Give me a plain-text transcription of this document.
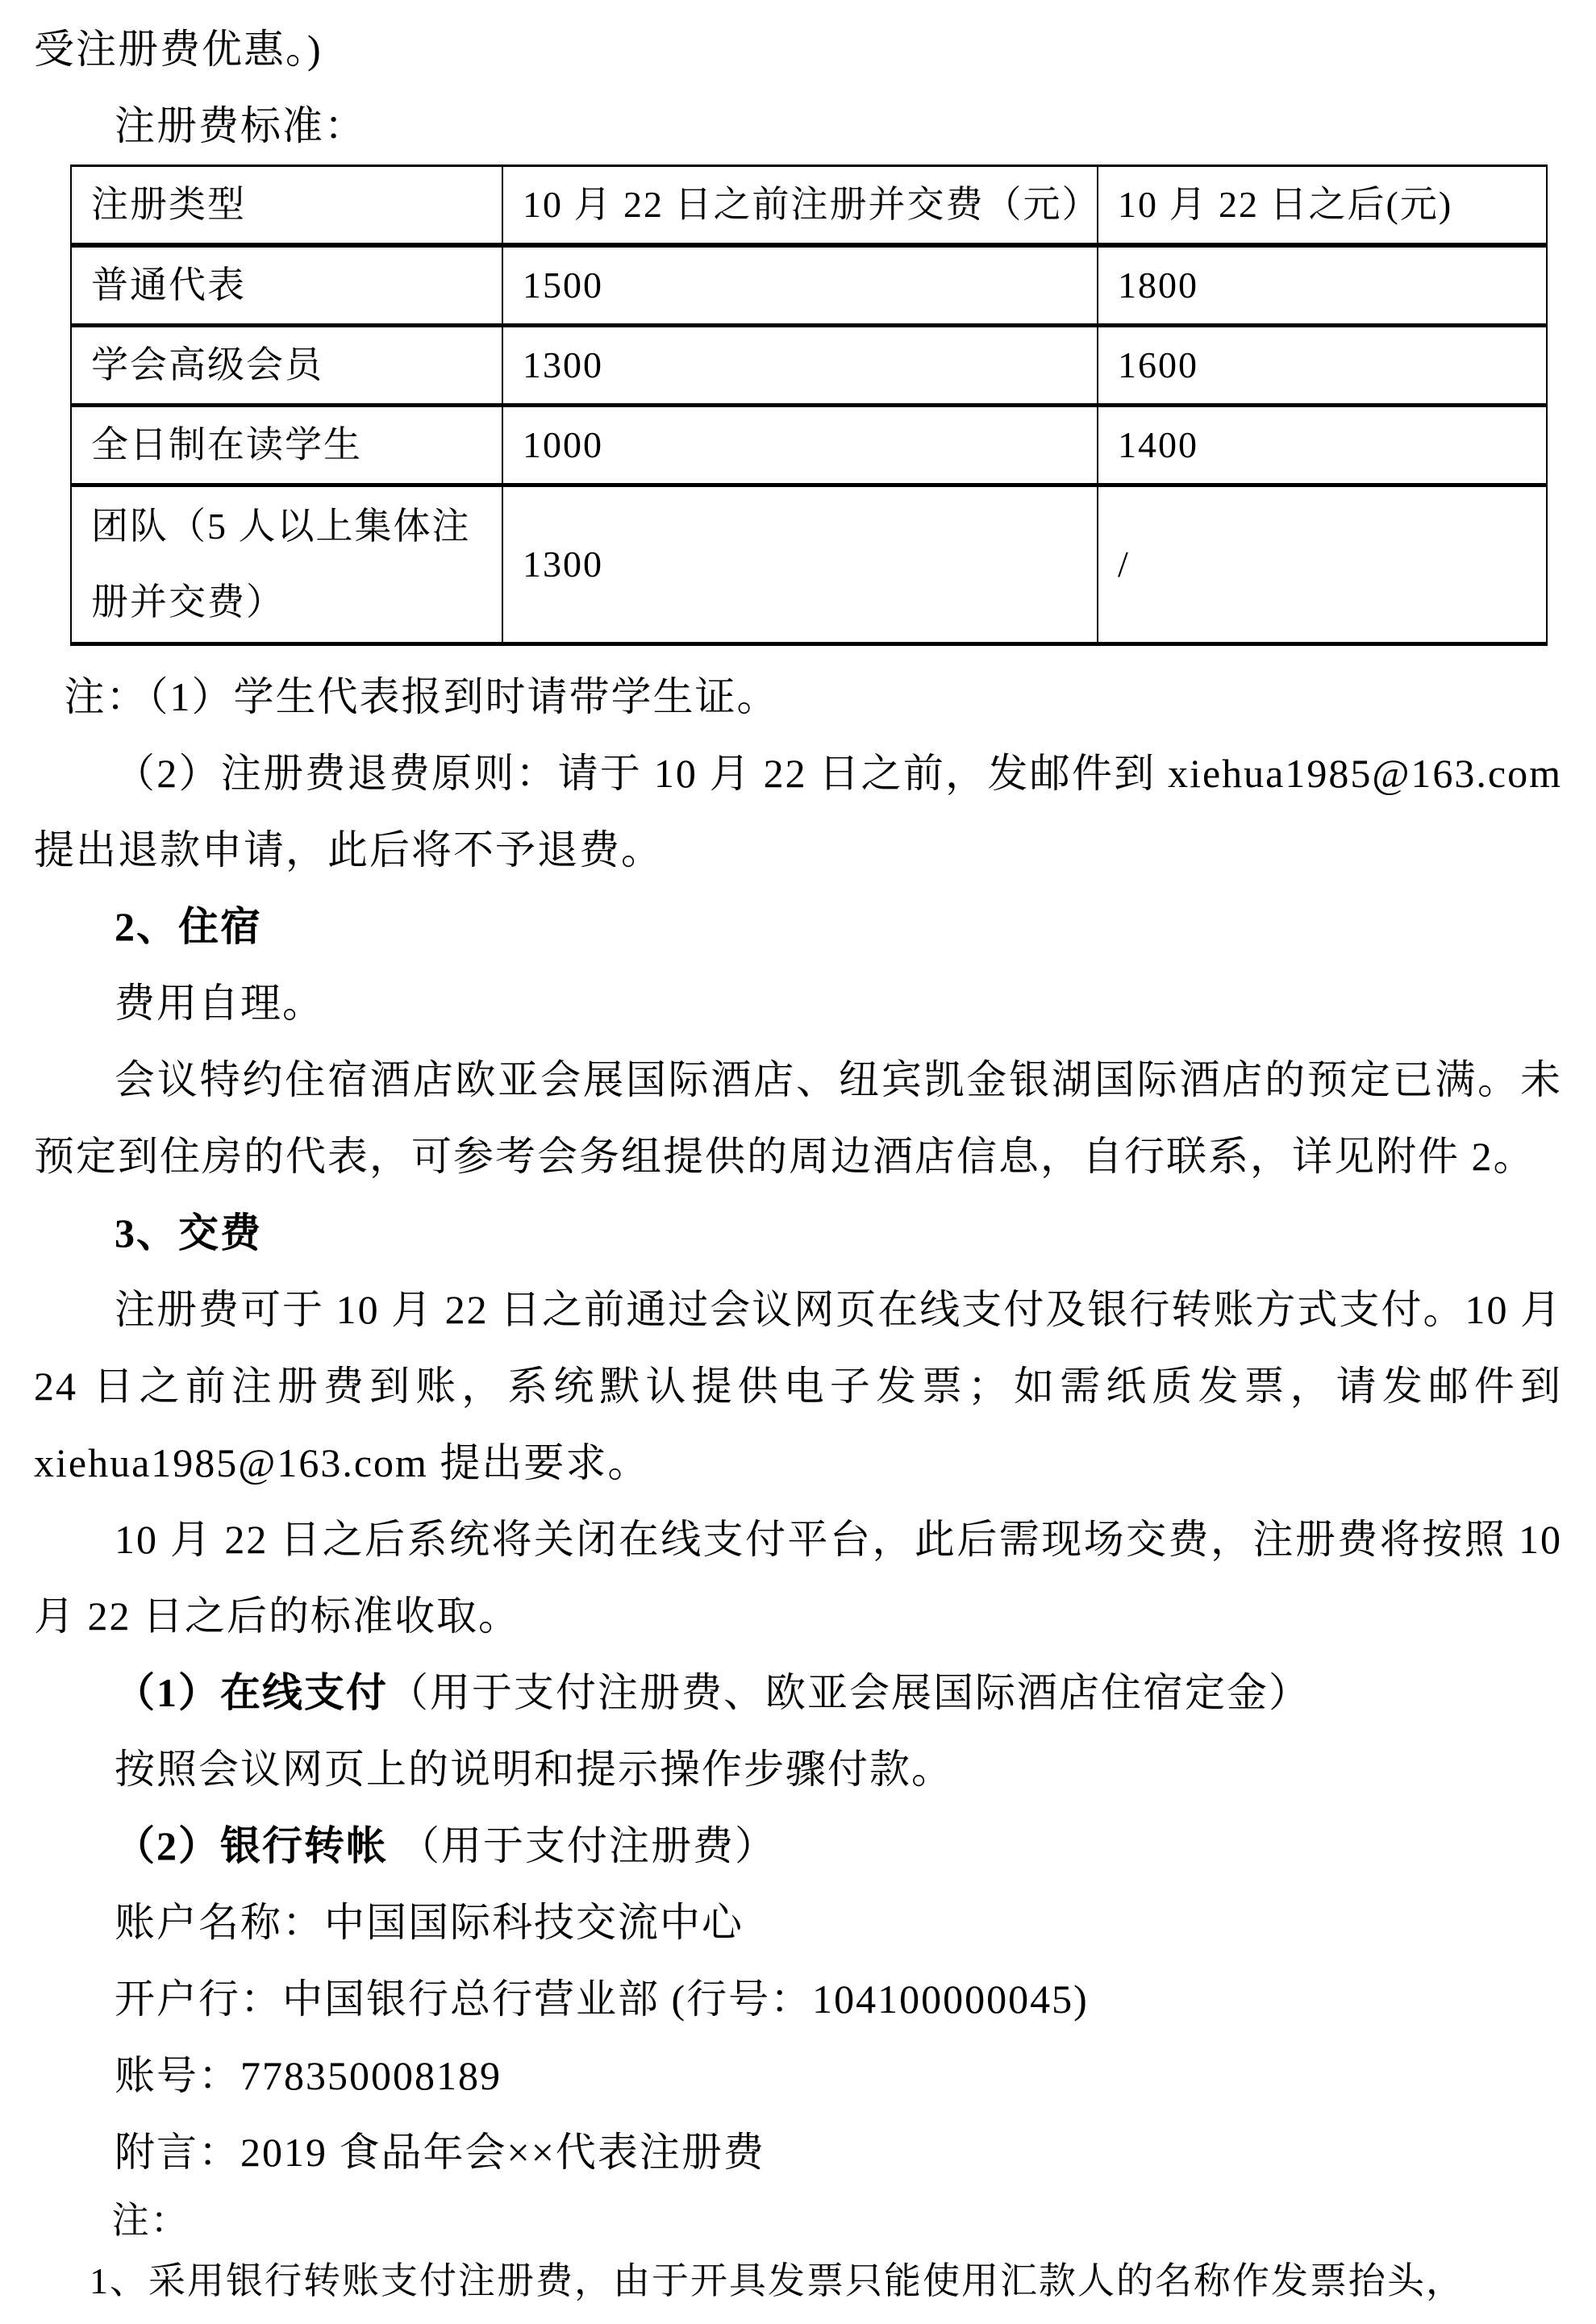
受注册费优惠。)

注册费标准：

注册类型	10 月 22 日之前注册并交费（元）	10 月 22 日之后(元)
普通代表	1500	1800
学会高级会员	1300	1600
全日制在读学生	1000	1400
团队（5 人以上集体注册并交费）	1300	/

注：（1）学生代表报到时请带学生证。

（2）注册费退费原则：请于 10 月 22 日之前，发邮件到 xiehua1985@163.com 提出退款申请，此后将不予退费。

2、住宿

费用自理。

会议特约住宿酒店欧亚会展国际酒店、纽宾凯金银湖国际酒店的预定已满。未预定到住房的代表，可参考会务组提供的周边酒店信息，自行联系，详见附件 2。

3、交费

注册费可于 10 月 22 日之前通过会议网页在线支付及银行转账方式支付。10 月 24 日之前注册费到账，系统默认提供电子发票；如需纸质发票，请发邮件到 xiehua1985@163.com 提出要求。

10 月 22 日之后系统将关闭在线支付平台，此后需现场交费，注册费将按照 10 月 22 日之后的标准收取。

（1）在线支付（用于支付注册费、欧亚会展国际酒店住宿定金）

按照会议网页上的说明和提示操作步骤付款。

（2）银行转帐 （用于支付注册费）

账户名称：中国国际科技交流中心

开户行：中国银行总行营业部 (行号：104100000045)

账号：778350008189

附言：2019 食品年会××代表注册费

注：

1、采用银行转账支付注册费，由于开具发票只能使用汇款人的名称作发票抬头，
